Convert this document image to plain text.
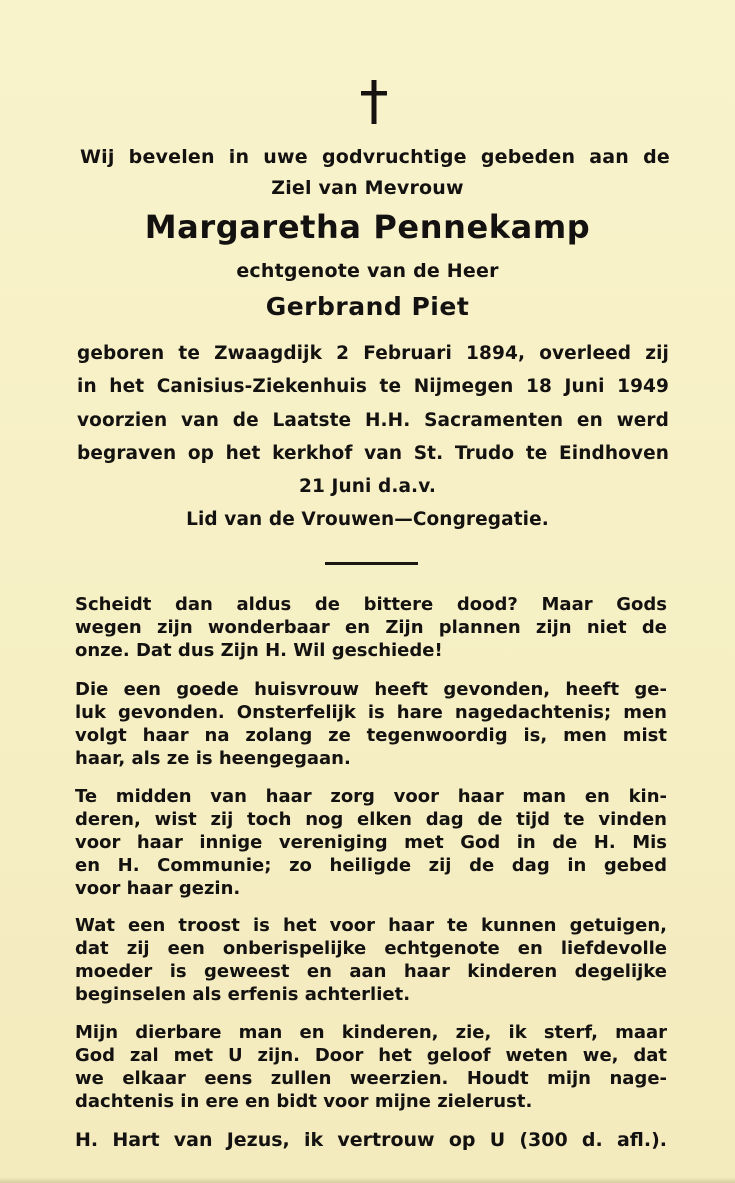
Wij bevelen in uwe godvruchtige gebeden aan de
Ziel van Mevrouw
Margaretha Pennekamp
echtgenote van de Heer
Gerbrand Piet
geboren te Zwaagdijk 2 Februari 1894, overleed zij
in het Canisius-Ziekenhuis te Nijmegen 18 Juni 1949
voorzien van de Laatste H.H. Sacramenten en werd
begraven op het kerkhof van St. Trudo te Eindhoven
21 Juni d.a.v.
Lid van de Vrouwen—Congregatie.
Scheidt dan aldus de bittere dood? Maar Gods
wegen zijn wonderbaar en Zijn plannen zijn niet de
onze. Dat dus Zijn H. Wil geschiede!
Die een goede huisvrouw heeft gevonden, heeft ge-
luk gevonden. Onsterfelijk is hare nagedachtenis; men
volgt haar na zolang ze tegenwoordig is, men mist
haar, als ze is heengegaan.
Te midden van haar zorg voor haar man en kin-
deren, wist zij toch nog elken dag de tijd te vinden
voor haar innige vereniging met God in de H. Mis
en H. Communie; zo heiligde zij de dag in gebed
voor haar gezin.
Wat een troost is het voor haar te kunnen getuigen,
dat zij een onberispelijke echtgenote en liefdevolle
moeder is geweest en aan haar kinderen degelijke
beginselen als erfenis achterliet.
Mijn dierbare man en kinderen, zie, ik sterf, maar
God zal met U zijn. Door het geloof weten we, dat
we elkaar eens zullen weerzien. Houdt mijn nage-
dachtenis in ere en bidt voor mijne zielerust.
H. Hart van Jezus, ik vertrouw op U (300 d. afl.).
